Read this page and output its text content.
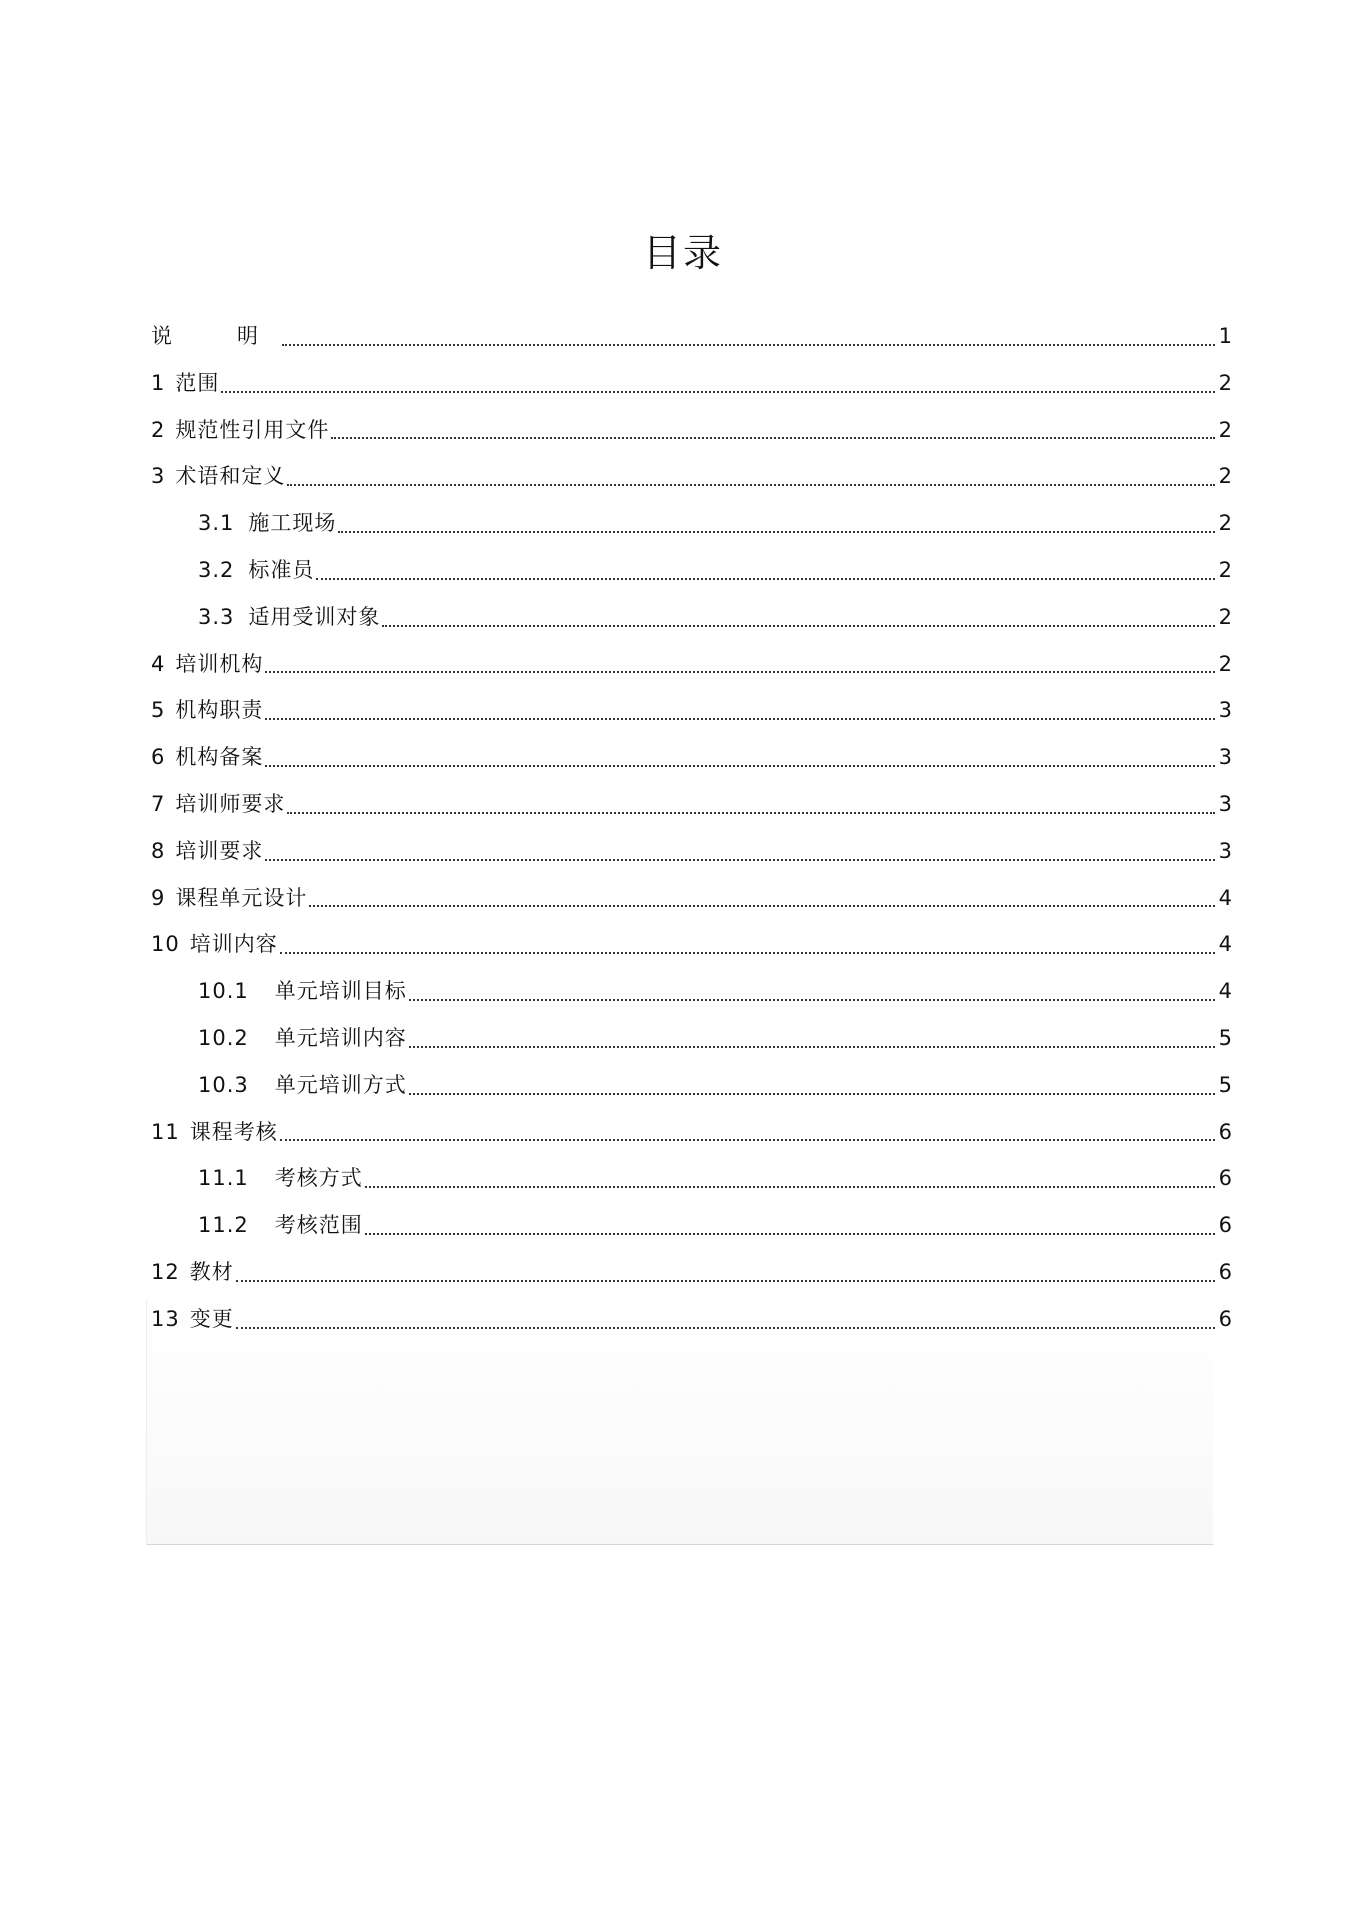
目录
说　明	1
1 范围	2
2 规范性引用文件	2
3 术语和定义	2
3.1 施工现场	2
3.2 标准员	2
3.3 适用受训对象	2
4 培训机构	2
5 机构职责	3
6 机构备案	3
7 培训师要求	3
8 培训要求	3
9 课程单元设计	4
10 培训内容	4
10.1 单元培训目标	4
10.2 单元培训内容	5
10.3 单元培训方式	5
11 课程考核	6
11.1 考核方式	6
11.2 考核范围	6
12 教材	6
13 变更	6
